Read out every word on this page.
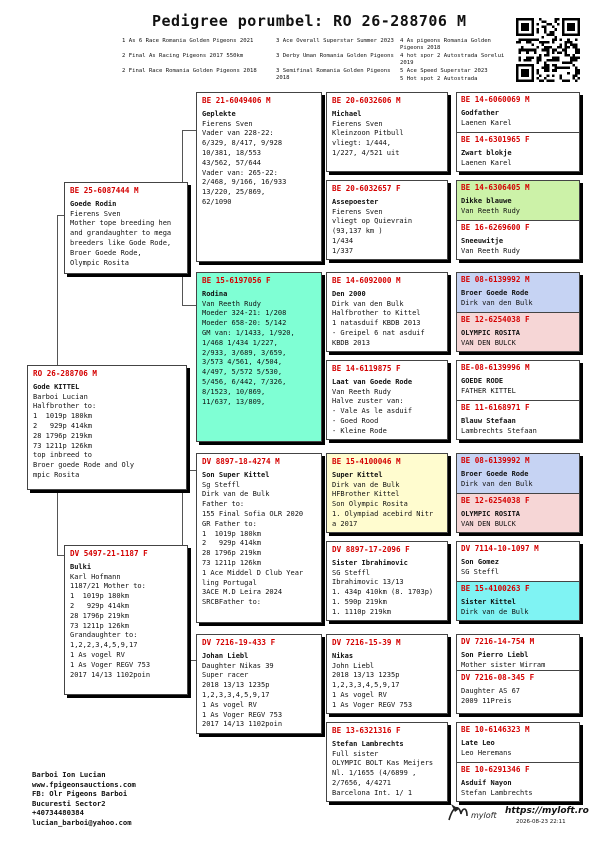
Pedigree porumbel: RO 26-288706 M
1 As 6 Race Romania Golden Pigeons 2021
2 Final As Racing Pigeons 2017 550km
2 Final Race Romania Golden Pigeons 2018
3 Ace Overall Superstar Summer 2023
3 Derby Uman Romania Golden Pigeons
3 Semifinal Romania Golden Pigeons 2018
4 As pigeons Romania Golden Pigeons 2018
4 hot spor 2 Autostrada Sorelui 2019
5 Ace Speed Superstar 2023
5 Hot spot 2 Autostrada
RO 26-288706 M
Gode KITTEL
Barboi Lucian
Halfbrother to:
1  1019p 180km
2   929p 414km
28 1796p 219km
73 1211p 126km
top inbreed to
Broer goede Rode and Oly
mpic Rosita
BE 25-6087444 M
Goede Rodin
Fierens Sven
Mother tope breeding hen
and grandaughter to mega
breeders like Gode Rode,
Broer Goede Rode,
Olympic Rosita
DV 5497-21-1187 F
Bulki
Karl Hofmann
1187/21 Mother to:
1  1019p 180km
2   929p 414km
28 1796p 219km
73 1211p 126km
Grandaughter to:
1,2,2,3,4,5,9,17
1 As vogel RV
1 As Voger REGV 753
2017 14/13 1102poin
BE 21-6049406 M
Geplekte
Fierens Sven
Vader van 228-22:
6/329, 8/417, 9/928
10/381, 18/553
43/562, 57/644
Vader van: 265-22:
2/468, 9/166, 16/933
13/220, 25/869,
62/1090
BE 15-6197056 F
Rodina
Van Reeth Rudy
Moeder 324-21: 1/208
Moeder 658-20: 5/142
GM van: 1/1433, 1/920,
1/468 1/434 1/227,
2/933, 3/689, 3/659,
3/573 4/561, 4/504,
4/497, 5/572 5/530,
5/456, 6/442, 7/326,
8/1523, 10/869,
11/637, 13/809,
DV 8897-18-4274 M
Son Super Kittel
Sg Steffl
Dirk van de Bulk
Father to:
155 Final Sofia OLR 2020
GR Father to:
1  1019p 180km
2   929p 414km
28 1796p 219km
73 1211p 126km
1 Ace Middel D Club Year
ling Portugal
3ACE M.D Leira 2024
SRCBFather to:
DV 7216-19-433 F
Johan Liebl
Daughter Nikas 39
Super racer
2018 13/13 1235p
1,2,3,3,4,5,9,17
1 As vogel RV
1 As Voger REGV 753
2017 14/13 1102poin
BE 20-6032606 M
Michael
Fierens Sven
Kleinzoon Pitbull
vliegt: 1/444,
1/227, 4/521 uit
BE 20-6032657 F
Assepoester
Fierens Sven
vliegt op Quievrain
(93,137 km )
1/434
1/337
BE 14-6092000 M
Den 2000
Dirk van den Bulk
Halfbrother to Kittel
1 natasduif KBDB 2013
- Greipel 6 nat asduif
KBDB 2013
BE 14-6119875 F
Laat van Goede Rode
Van Reeth Rudy
Halve zuster van:
- Vale As le asduif
- Goed Rood
- Kleine Rode
BE 15-4100046 M
Super Kittel
Dirk van de Bulk
HFBrother Kittel
Son Olympic Rosita
1. Olympiad acebird Nitr
a 2017
DV 8897-17-2096 F
Sister Ibrahimovic
SG Steffl
Ibrahimovic 13/13
1. 434p 410km (8. 1703p)
1. 590p 219km
1. 1110p 219km
DV 7216-15-39 M
Nikas
John Liebl
2018 13/13 1235p
1,2,3,3,4,5,9,17
1 As vogel RV
1 As Voger REGV 753
BE 13-6321316 F
Stefan Lambrechts
Full sister
OLYMPIC BOLT Kas Meijers
Nl. 1/1655 (4/6899 ,
2/7656, 4/4271
Barcelona Int. 1/ 1
BE 14-6060069 M
Godfather
Laenen Karel
BE 14-6301965 F
Zwart blokje
Laenen Karel
BE 14-6306405 M
Dikke blauwe
Van Reeth Rudy
BE 16-6269600 F
Sneeuwitje
Van Reeth Rudy
BE 08-6139992 M
Broer Goede Rode
Dirk van den Bulk
BE 12-6254038 F
OLYMPIC ROSITA
VAN DEN BULCK
BE-08-6139996 M
GOEDE RODE
FATHER KITTEL
BE 11-6168971 F
Blauw Stefaan
Lambrechts Stefaan
BE 08-6139992 M
Broer Goede Rode
Dirk van den Bulk
BE 12-6254038 F
OLYMPIC ROSITA
VAN DEN BULCK
DV 7114-10-1097 M
Son Gomez
SG Steffl
BE 15-4100263 F
Sister Kittel
Dirk van de Bulk
DV 7216-14-754 M
Son Pierro Liebl
Mother sister Wirram
DV 7216-08-345 F
Daughter AS 67
2009 11Preis
BE 10-6146323 M
Late Leo
Leo Heremans
BE 10-6291346 F
Asduif Nayon
Stefan Lambrechts
Barboi Ion Lucian
www.fpigeonsauctions.com
FB: Olr Pigeons Barboi
Bucuresti Sector2
+40734480384
lucian_barboi@yahoo.com
myloft https://myloft.ro
2026-08-23 22:11
